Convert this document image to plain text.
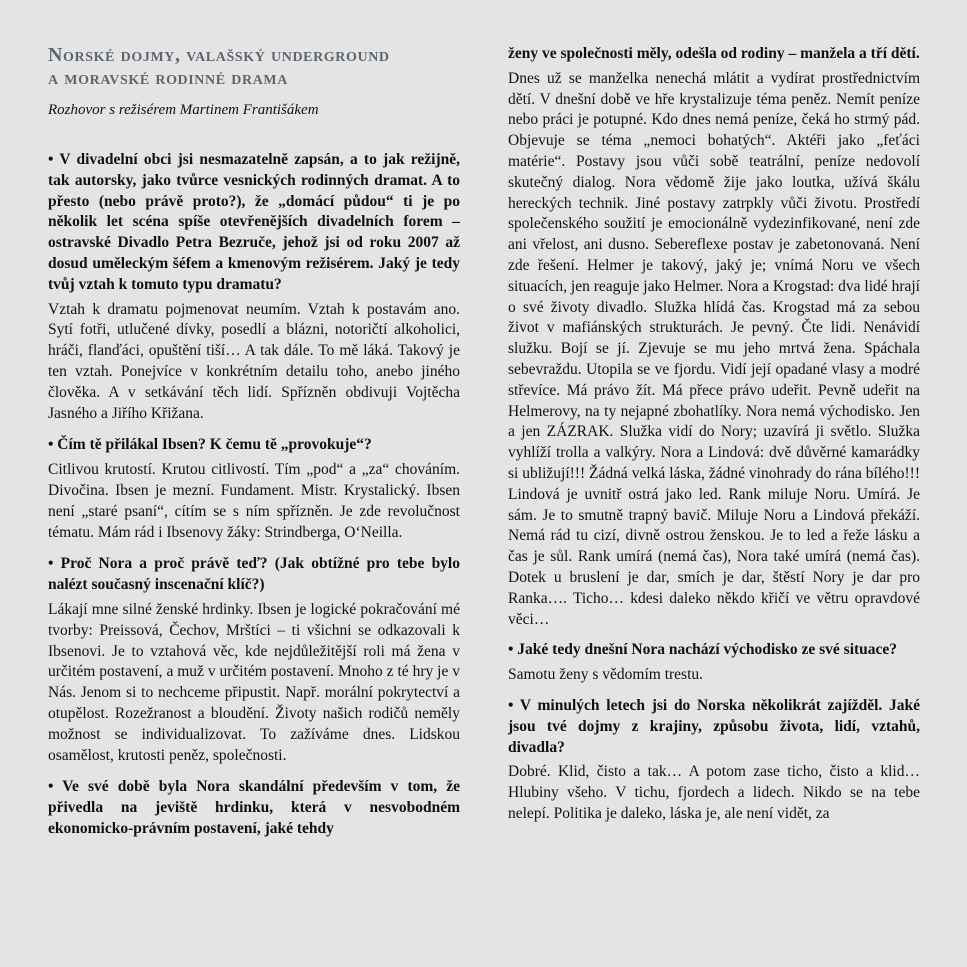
Norské dojmy, valašský underground
a moravské rodinné drama

Rozhovor s režisérem Martinem Františákem

• V divadelní obci jsi nesmazatelně zapsán, a to jak režijně, tak autorsky, jako tvůrce vesnických rodinných dramat. A to přesto (nebo právě proto?), že „domácí půdou“ ti je po několik let scéna spíše otevřenějších divadelních forem – ostravské Divadlo Petra Bezruče, jehož jsi od roku 2007 až dosud uměleckým šéfem a kmenovým režisérem. Jaký je tedy tvůj vztah k tomuto typu dramatu?

Vztah k dramatu pojmenovat neumím. Vztah k postavám ano. Sytí fotři, utlučené dívky, posedlí a blázni, notoričtí alkoholici, hráči, flanďáci, opuštění tiší… A tak dále. To mě láká. Takový je ten vztah. Ponejvíce v konkrétním detailu toho, anebo jiného člověka. A v setkávání těch lidí. Spřízněn obdivuji Vojtěcha Jasného a Jiřího Křižana.

• Čím tě přilákal Ibsen? K čemu tě „provokuje“?

Citlivou krutostí. Krutou citlivostí. Tím „pod“ a „za“ chováním. Divočina. Ibsen je mezní. Fundament. Mistr. Krystalický. Ibsen není „staré psaní“, cítím se s ním spřízněn. Je zde revolučnost tématu. Mám rád i Ibsenovy žáky: Strindberga, O‘Neilla.

• Proč Nora a proč právě teď? (Jak obtížné pro tebe bylo nalézt současný inscenační klíč?)

Lákají mne silné ženské hrdinky. Ibsen je logické pokračování mé tvorby: Preissová, Čechov, Mrštíci – ti všichni se odkazovali k Ibsenovi. Je to vztahová věc, kde nejdůležitější roli má žena v určitém postavení, a muž v určitém postavení. Mnoho z té hry je v Nás. Jenom si to nechceme připustit. Např. morální pokrytectví a otupělost. Rozežranost a bloudění. Životy našich rodičů neměly možnost se individualizovat. To zažíváme dnes. Lidskou osamělost, krutosti peněz, společnosti.

• Ve své době byla Nora skandální především v tom, že přivedla na jeviště hrdinku, která v nesvobodném ekonomicko-právním postavení, jaké tehdy

ženy ve společnosti měly, odešla od rodiny – manžela a tří dětí.

Dnes už se manželka nenechá mlátit a vydírat prostřednictvím dětí. V dnešní době ve hře krystalizuje téma peněz. Nemít peníze nebo práci je potupné. Kdo dnes nemá peníze, čeká ho strmý pád. Objevuje se téma „nemoci bohatých“. Aktéři jako „feťáci matérie“. Postavy jsou vůči sobě teatrální, peníze nedovolí skutečný dialog. Nora vědomě žije jako loutka, užívá škálu hereckých technik. Jiné postavy zatrpkly vůči životu. Prostředí společenského soužití je emocionálně vydezinfikované, není zde ani vřelost, ani dusno. Sebereflexe postav je zabetonovaná. Není zde řešení. Helmer je takový, jaký je; vnímá Noru ve všech situacích, jen reaguje jako Helmer. Nora a Krogstad: dva lidé hrají o své životy divadlo. Služka hlídá čas. Krogstad má za sebou život v mafiánských strukturách. Je pevný. Čte lidi. Nenávidí služku. Bojí se jí. Zjevuje se mu jeho mrtvá žena. Spáchala sebevraždu. Utopila se ve fjordu. Vidí její opadané vlasy a modré střevíce. Má právo žít. Má přece právo udeřit. Pevně udeřit na Helmerovy, na ty nejapné zbohatlíky. Nora nemá východisko. Jen a jen ZÁZRAK. Služka vidí do Nory; uzavírá ji světlo. Služka vyhlíží trolla a valkýry. Nora a Lindová: dvě důvěrné kamarádky si ubližují!!! Žádná velká láska, žádné vinohrady do rána bílého!!! Lindová je uvnitř ostrá jako led. Rank miluje Noru. Umírá. Je sám. Je to smutně trapný bavič. Miluje Noru a Lindová překáží. Nemá rád tu cizí, divně ostrou ženskou. Je to led a řeže lásku a čas je sůl. Rank umírá (nemá čas), Nora také umírá (nemá čas). Dotek u bruslení je dar, smích je dar, štěstí Nory je dar pro Ranka…. Ticho… kdesi daleko někdo křičí ve větru opravdové věci…

• Jaké tedy dnešní Nora nachází východisko ze své situace?

Samotu ženy s vědomím trestu.

• V minulých letech jsi do Norska několikrát zajížděl. Jaké jsou tvé dojmy z krajiny, způsobu života, lidí, vztahů, divadla?

Dobré. Klid, čisto a tak… A potom zase ticho, čisto a klid… Hlubiny všeho. V tichu, fjordech a lidech. Nikdo se na tebe nelepí. Politika je daleko, láska je, ale není vidět, za
